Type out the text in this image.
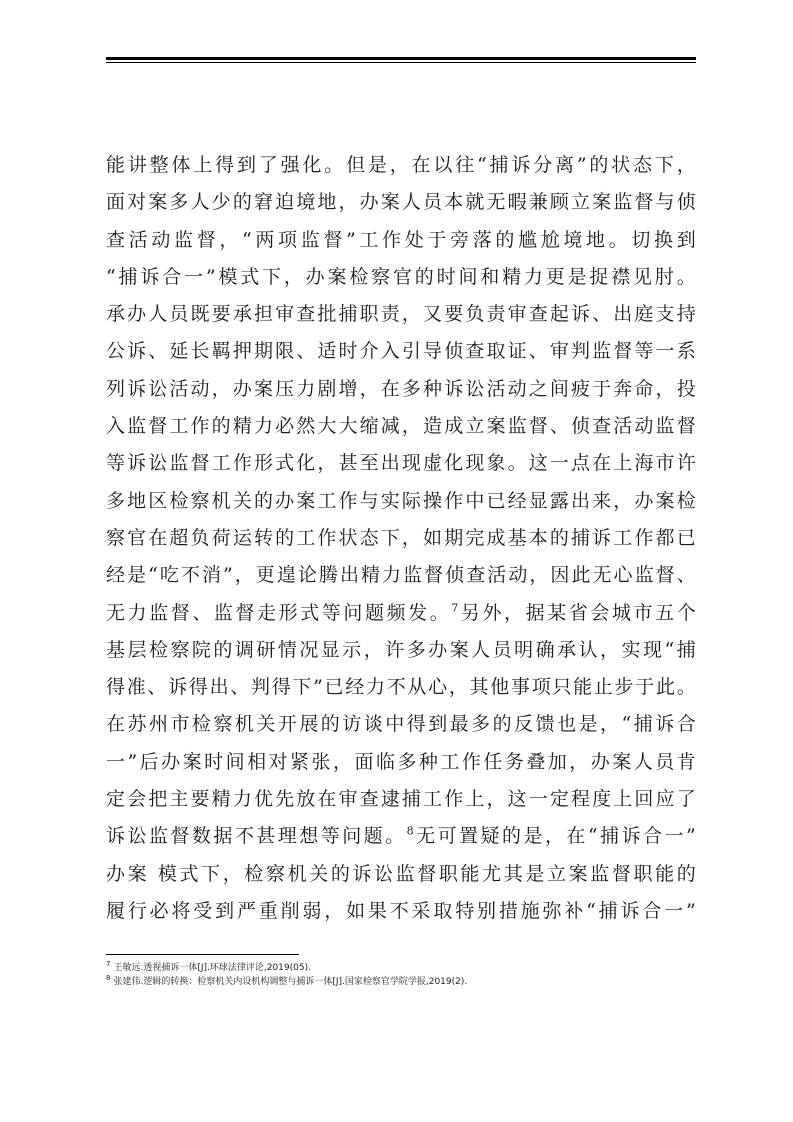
能讲整体上得到了强化。但是，在以往“捕诉分离”的状态下，
面对案多人少的窘迫境地，办案人员本就无暇兼顾立案监督与侦
查活动监督，“两项监督”工作处于旁落的尴尬境地。切换到
“捕诉合一”模式下，办案检察官的时间和精力更是捉襟见肘。
承办人员既要承担审查批捕职责，又要负责审查起诉、出庭支持
公诉、延长羁押期限、适时介入引导侦查取证、审判监督等一系
列诉讼活动，办案压力剧增，在多种诉讼活动之间疲于奔命，投
入监督工作的精力必然大大缩减，造成立案监督、侦查活动监督
等诉讼监督工作形式化，甚至出现虚化现象。这一点在上海市许
多地区检察机关的办案工作与实际操作中已经显露出来，办案检
察官在超负荷运转的工作状态下，如期完成基本的捕诉工作都已
经是“吃不消”，更遑论腾出精力监督侦查活动，因此无心监督、
无力监督、监督走形式等问题频发。$^7$另外，据某省会城市五个
基层检察院的调研情况显示，许多办案人员明确承认，实现“捕
得准、诉得出、判得下”已经力不从心，其他事项只能止步于此。
在苏州市检察机关开展的访谈中得到最多的反馈也是，“捕诉合
一”后办案时间相对紧张，面临多种工作任务叠加，办案人员肯
定会把主要精力优先放在审查逮捕工作上，这一定程度上回应了
诉讼监督数据不甚理想等问题。$^8$无可置疑的是，在“捕诉合一”
办案 模式下，检察机关的诉讼监督职能尤其是立案监督职能的
履行必将受到严重削弱，如果不采取特别措施弥补“捕诉合一”
$^7$ 王敏远.透视捕诉一体[J].环球法律评论,2019(05).
$^8$ 张建伟.逻辑的转换：检察机关内设机构调整与捕诉一体[J].国家检察官学院学报,2019(2).
